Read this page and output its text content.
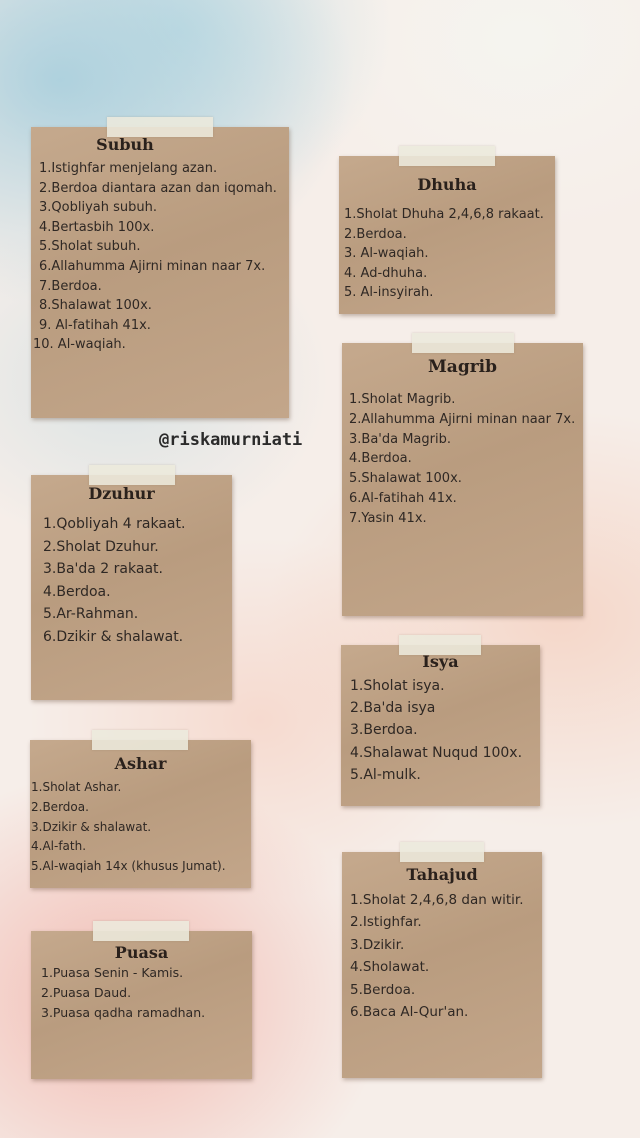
Subuh
1.Istighfar menjelang azan.
2.Berdoa diantara azan dan iqomah.
3.Qobliyah subuh.
4.Bertasbih 100x.
5.Sholat subuh.
6.Allahumma Ajirni minan naar 7x.
7.Berdoa.
8.Shalawat 100x.
9. Al-fatihah 41x.
10. Al-waqiah.
Dhuha
1.Sholat Dhuha 2,4,6,8 rakaat.
2.Berdoa.
3. Al-waqiah.
4. Ad-dhuha.
5. Al-insyirah.
Magrib
1.Sholat Magrib.
2.Allahumma Ajirni minan naar 7x.
3.Ba'da Magrib.
4.Berdoa.
5.Shalawat 100x.
6.Al-fatihah 41x.
7.Yasin 41x.
@riskamurniati
Dzuhur
1.Qobliyah 4 rakaat.
2.Sholat Dzuhur.
3.Ba'da 2 rakaat.
4.Berdoa.
5.Ar-Rahman.
6.Dzikir & shalawat.
Isya
1.Sholat isya.
2.Ba'da isya
3.Berdoa.
4.Shalawat Nuqud 100x.
5.Al-mulk.
Ashar
1.Sholat Ashar.
2.Berdoa.
3.Dzikir & shalawat.
4.Al-fath.
5.Al-waqiah 14x (khusus Jumat).	Tahajud
1.Sholat 2,4,6,8 dan witir.
2.Istighfar.
3.Dzikir.
4.Sholawat.
5.Berdoa.
6.Baca Al-Qur'an.
Puasa
1.Puasa Senin - Kamis.
2.Puasa Daud.
3.Puasa qadha ramadhan.
